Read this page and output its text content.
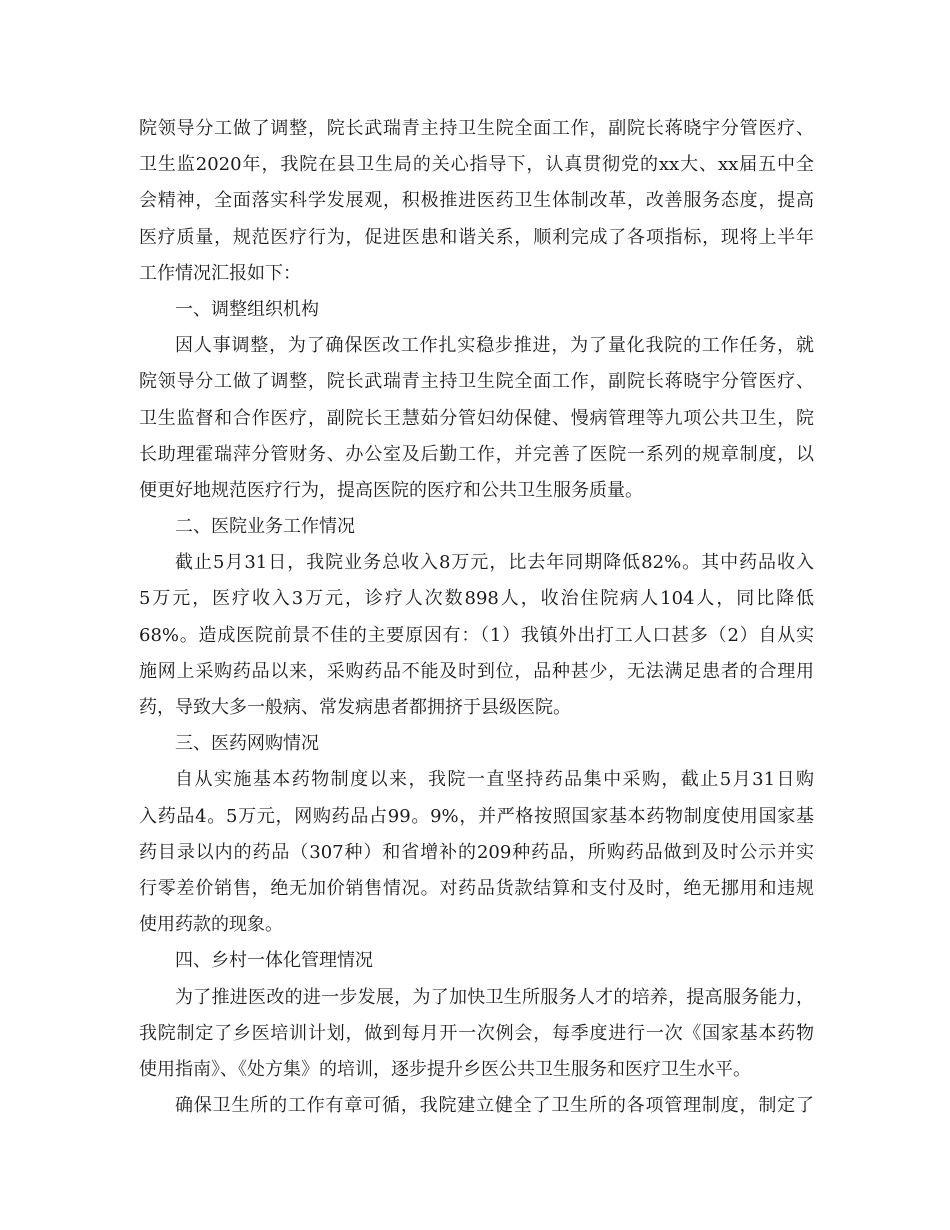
院领导分工做了调整，院长武瑞青主持卫生院全面工作，副院长蒋晓宇分管医疗、
卫生监2020年，我院在县卫生局的关心指导下，认真贯彻党的xx大、xx届五中全
会精神，全面落实科学发展观，积极推进医药卫生体制改革，改善服务态度，提高
医疗质量，规范医疗行为，促进医患和谐关系，顺利完成了各项指标，现将上半年
工作情况汇报如下：
一、调整组织机构
因人事调整，为了确保医改工作扎实稳步推进，为了量化我院的工作任务，就
院领导分工做了调整，院长武瑞青主持卫生院全面工作，副院长蒋晓宇分管医疗、
卫生监督和合作医疗，副院长王慧茹分管妇幼保健、慢病管理等九项公共卫生，院
长助理霍瑞萍分管财务、办公室及后勤工作，并完善了医院一系列的规章制度，以
便更好地规范医疗行为，提高医院的医疗和公共卫生服务质量。
二、医院业务工作情况
截止5月31日，我院业务总收入8万元，比去年同期降低82%。其中药品收入
5万元，医疗收入3万元，诊疗人次数898人，收治住院病人104人，同比降低
68%。造成医院前景不佳的主要原因有：（1）我镇外出打工人口甚多（2）自从实
施网上采购药品以来，采购药品不能及时到位，品种甚少，无法满足患者的合理用
药，导致大多一般病、常发病患者都拥挤于县级医院。
三、医药网购情况
自从实施基本药物制度以来，我院一直坚持药品集中采购，截止5月31日购
入药品4。5万元，网购药品占99。9%，并严格按照国家基本药物制度使用国家基
药目录以内的药品（307种）和省增补的209种药品，所购药品做到及时公示并实
行零差价销售，绝无加价销售情况。对药品货款结算和支付及时，绝无挪用和违规
使用药款的现象。
四、乡村一体化管理情况
为了推进医改的进一步发展，为了加快卫生所服务人才的培养，提高服务能力，
我院制定了乡医培训计划，做到每月开一次例会，每季度进行一次《国家基本药物
使用指南》、《处方集》的培训，逐步提升乡医公共卫生服务和医疗卫生水平。
确保卫生所的工作有章可循，我院建立健全了卫生所的各项管理制度，制定了
